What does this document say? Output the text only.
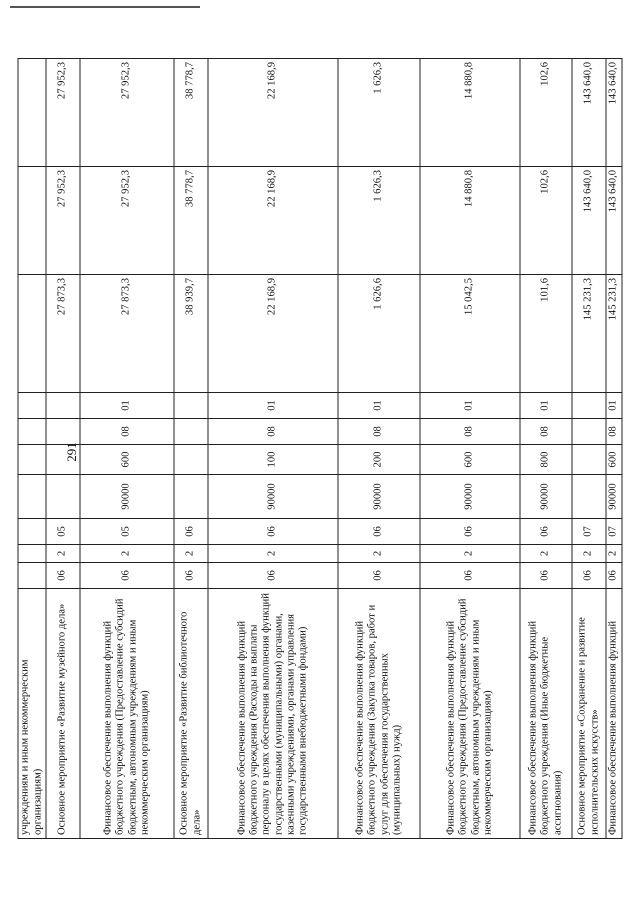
291
учреждениям и иным некоммерческим организациям)										
Основное мероприятие «Развитие музейного дела»	06	2	05					27 873,3	27 952,3	27 952,3
Финансовое обеспечение выполнения функций бюджетного учреждения (Предоставление субсидий бюджетным, автономным учреждениям и иным некоммерческим организациям)	06	2	05	90000	600	08	01	27 873,3	27 952,3	27 952,3
Основное мероприятие «Развитие библиотечного дела»	06	2	06					38 939,7	38 778,7	38 778,7
Финансовое обеспечение выполнения функций бюджетного учреждения (Расходы на выплаты персоналу в целях обеспечения выполнения функций государственными (муниципальными) органами, казенными учреждениями, органами управления государственными внебюджетными фондами)	06	2	06	90000	100	08	01	22 168,9	22 168,9	22 168,9
Финансовое обеспечение выполнения функций бюджетного учреждения (Закупка товаров, работ и услуг для обеспечения государственных (муниципальных) нужд)	06	2	06	90000	200	08	01	1 626,6	1 626,3	1 626,3
Финансовое обеспечение выполнения функций бюджетного учреждения (Предоставление субсидий бюджетным, автономным учреждениям и иным некоммерческим организациям)	06	2	06	90000	600	08	01	15 042,5	14 880,8	14 880,8
Финансовое обеспечение выполнения функций бюджетного учреждения (Иные бюджетные ассигнования)	06	2	06	90000	800	08	01	101,6	102,6	102,6
Основное мероприятие «Сохранение и развитие исполнительских искусств»	06	2	07					145 231,3	143 640,0	143 640,0
Финансовое обеспечение выполнения функций	06	2	07	90000	600	08	01	145 231,3	143 640,0	143 640,0
